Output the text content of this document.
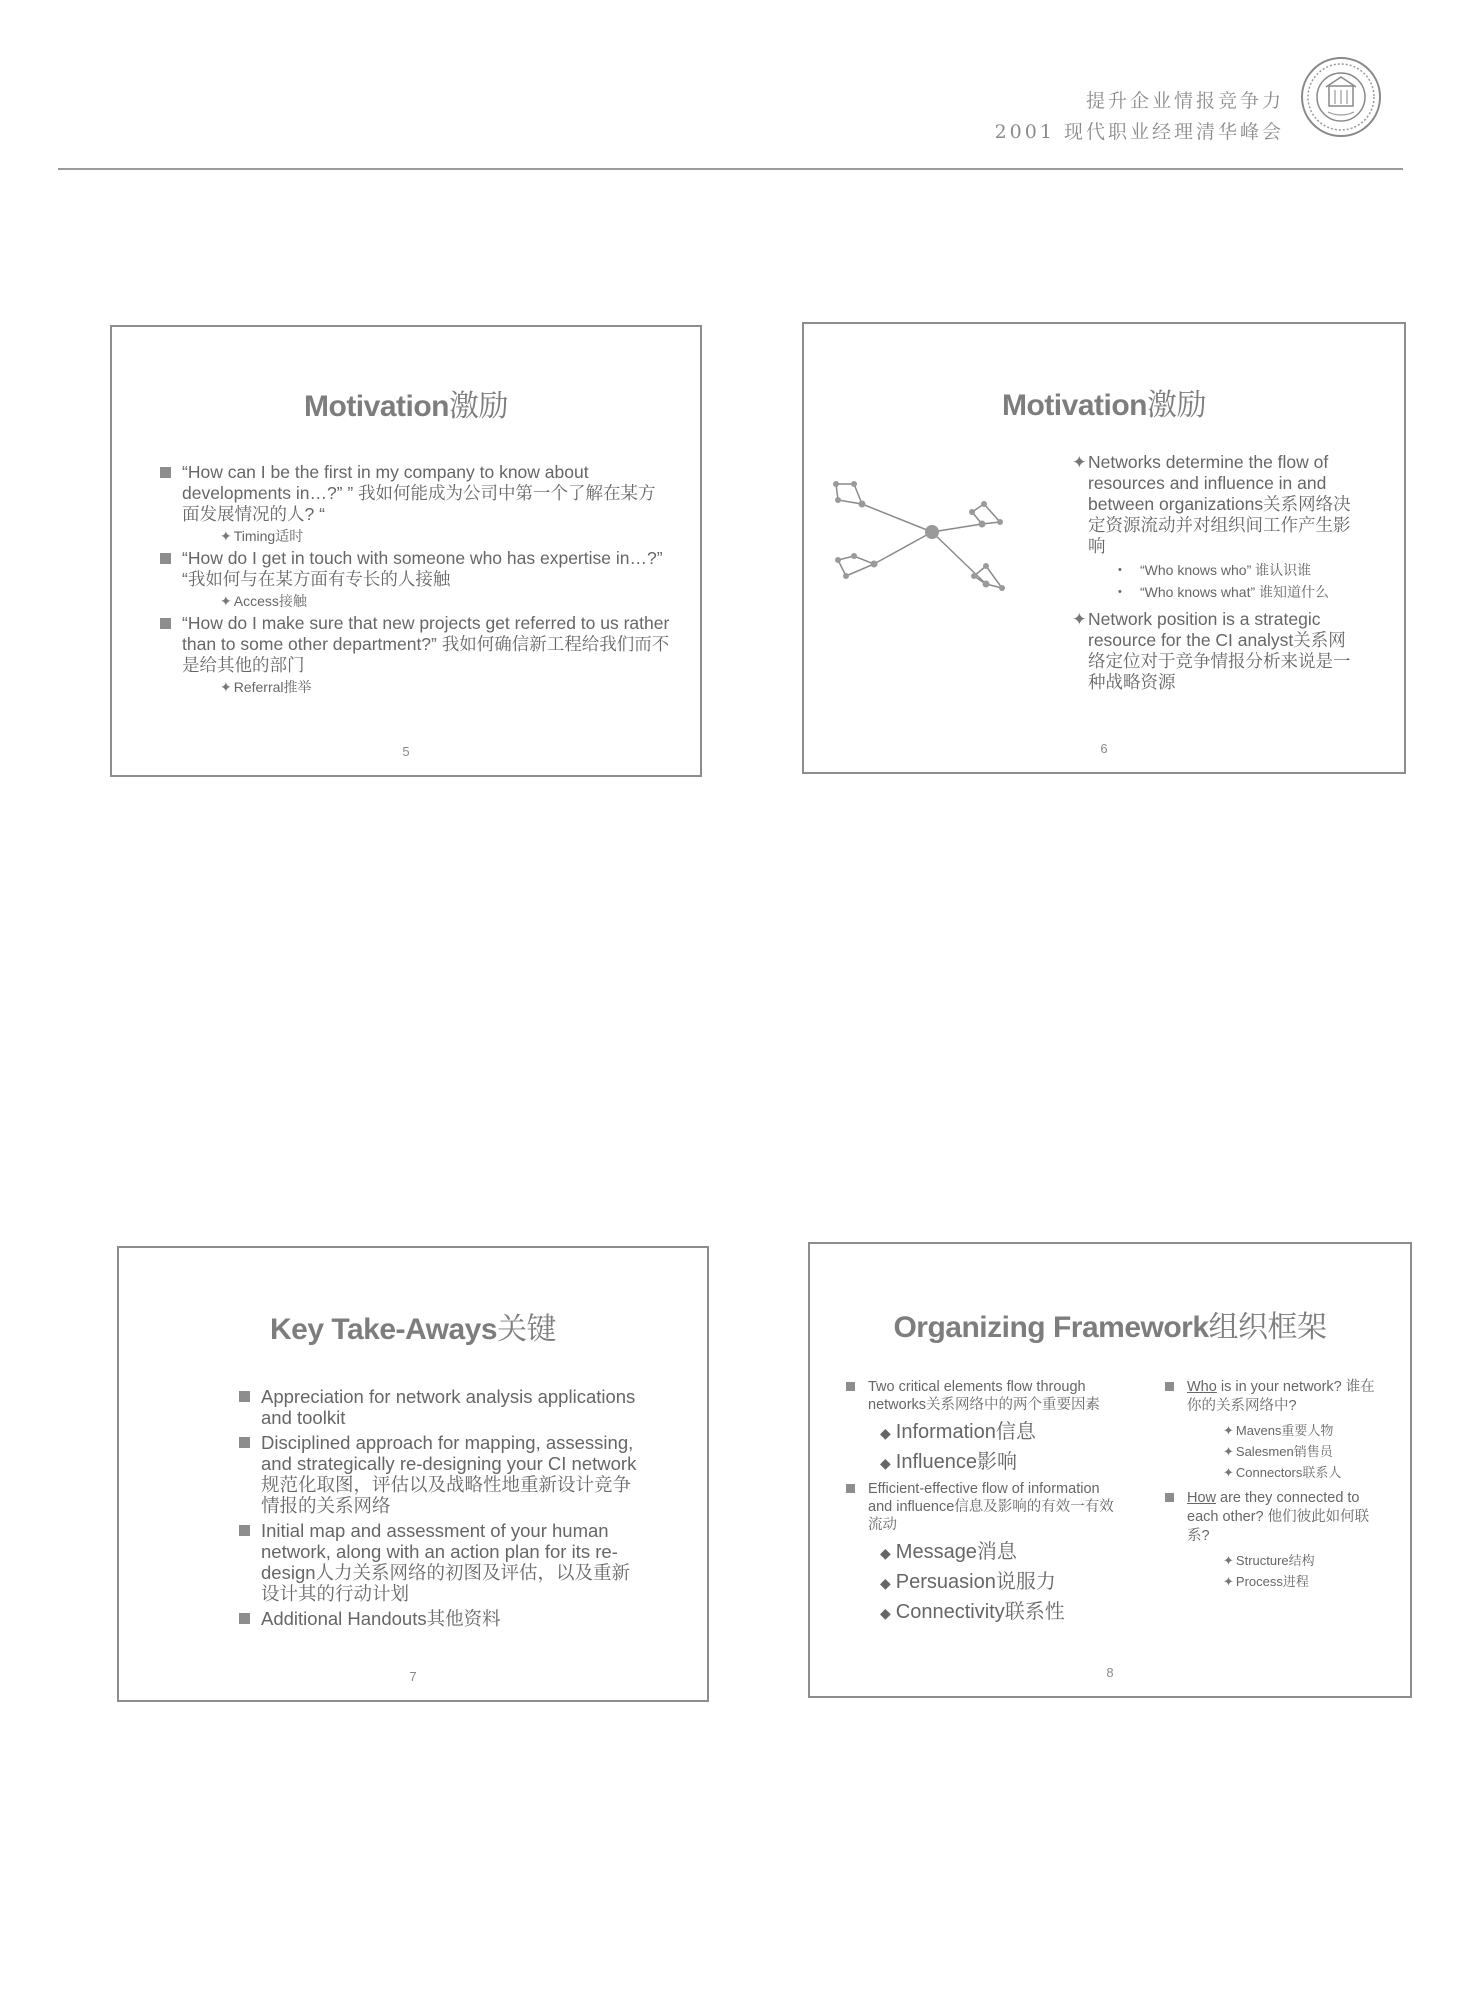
提升企业情报竞争力
2001 现代职业经理清华峰会
Motivation激励
“How can I be the first in my company to know about developments in…?” ” 我如何能成为公司中第一个了解在某方面发展情况的人? “
✦ Timing适时
“How do I get in touch with someone who has expertise in…?” “我如何与在某方面有专长的人接触
✦ Access接触
“How do I make sure that new projects get referred to us rather than to some other department?” 我如何确信新工程给我们而不是给其他的部门
✦ Referral推举
5
Motivation激励
✦ Networks determine the flow of resources and influence in and between organizations关系网络决定资源流动并对组织间工作产生影响
• “Who knows who” 谁认识谁
• “Who knows what” 谁知道什么
✦ Network position is a strategic resource for the CI analyst关系网络定位对于竞争情报分析来说是一种战略资源
6
Key Take-Aways关键
Appreciation for network analysis applications and toolkit
Disciplined approach for mapping, assessing, and strategically re-designing your CI network规范化取图，评估以及战略性地重新设计竞争情报的关系网络
Initial map and assessment of your human network, along with an action plan for its re-design人力关系网络的初图及评估，以及重新设计其的行动计划
Additional Handouts其他资料
7
Organizing Framework组织框架
Two critical elements flow through networks关系网络中的两个重要因素
◆ Information信息
◆ Influence影响
Efficient-effective flow of information and influence信息及影响的有效一有效流动
◆ Message消息
◆ Persuasion说服力
◆ Connectivity联系性
Who is in your network? 谁在你的关系网络中?
✦ Mavens重要人物
✦ Salesmen销售员
✦ Connectors联系人
How are they connected to each other? 他们彼此如何联系?
✦ Structure结构
✦ Process进程
8
